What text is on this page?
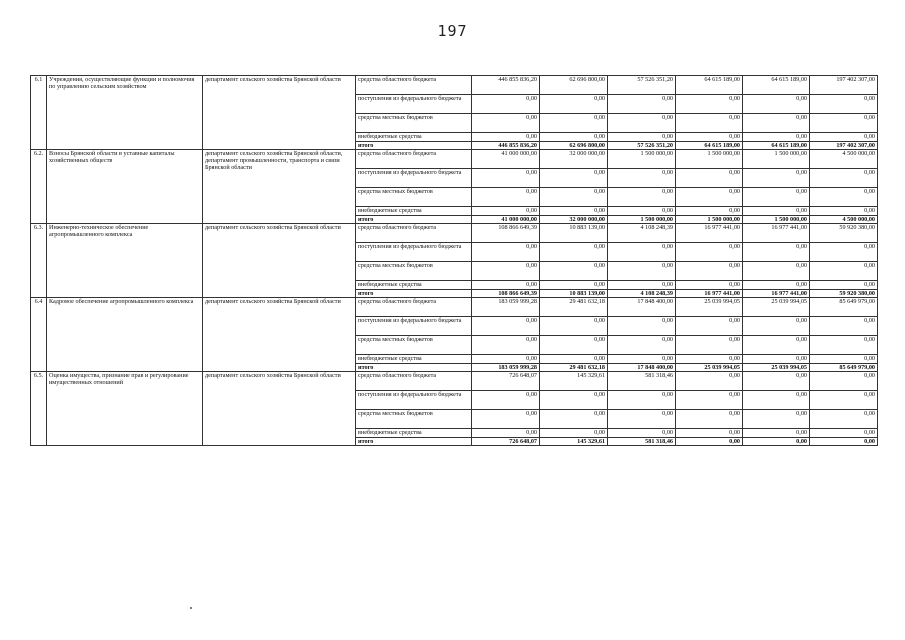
197
6.1	Учреждения, осуществляющие функции и полномочия по управлению сельским хозяйством	департамент сельского хозяйства Брянской области	средства областного бюджета	446 855 836,20	62 696 800,00	57 526 351,20	64 615 189,00	64 615 189,00	197 402 307,00
			поступления из федерального бюджета	0,00	0,00	0,00	0,00	0,00	0,00
			средства местных бюджетов	0,00	0,00	0,00	0,00	0,00	0,00
			внебюджетные средства	0,00	0,00	0,00	0,00	0,00	0,00
			итого	446 855 836,20	62 696 800,00	57 526 351,20	64 615 189,00	64 615 189,00	197 402 307,00
6.2.	Взносы Брянской области в уставные капиталы хозяйственных обществ	департамент сельского хозяйства Брянской области, департамент промышленности, транспорта и связи Брянской области	средства областного бюджета	41 000 000,00	32 000 000,00	1 500 000,00	1 500 000,00	1 500 000,00	4 500 000,00
			поступления из федерального бюджета	0,00	0,00	0,00	0,00	0,00	0,00
			средства местных бюджетов	0,00	0,00	0,00	0,00	0,00	0,00
			внебюджетные средства	0,00	0,00	0,00	0,00	0,00	0,00
			итого	41 000 000,00	32 000 000,00	1 500 000,00	1 500 000,00	1 500 000,00	4 500 000,00
6.3.	Инженерно-техническое обеспечение агропромышленного комплекса	департамент сельского хозяйства Брянской области	средства областного бюджета	108 866 649,39	10 883 139,00	4 108 248,39	16 977 441,00	16 977 441,00	59 920 380,00
			поступления из федерального бюджета	0,00	0,00	0,00	0,00	0,00	0,00
			средства местных бюджетов	0,00	0,00	0,00	0,00	0,00	0,00
			внебюджетные средства	0,00	0,00	0,00	0,00	0,00	0,00
			итого	108 866 649,39	10 883 139,00	4 108 248,39	16 977 441,00	16 977 441,00	59 920 380,00
6.4	Кадровое обеспечение агропромышленного комплекса	департамент сельского хозяйства Брянской области	средства областного бюджета	183 059 999,28	29 481 632,18	17 848 400,00	25 039 994,05	25 039 994,05	85 649 979,00
			поступления из федерального бюджета	0,00	0,00	0,00	0,00	0,00	0,00
			средства местных бюджетов	0,00	0,00	0,00	0,00	0,00	0,00
			внебюджетные средства	0,00	0,00	0,00	0,00	0,00	0,00
			итого	183 059 999,28	29 481 632,18	17 848 400,00	25 039 994,05	25 039 994,05	85 649 979,00
6.5.	Оценка имущества, признание прав и регулирование имущественных отношений	департамент сельского хозяйства Брянской области	средства областного бюджета	726 648,07	145 329,61	581 318,46	0,00	0,00	0,00
			поступления из федерального бюджета	0,00	0,00	0,00	0,00	0,00	0,00
			средства местных бюджетов	0,00	0,00	0,00	0,00	0,00	0,00
			внебюджетные средства	0,00	0,00	0,00	0,00	0,00	0,00
			итого	726 648,07	145 329,61	581 318,46	0,00	0,00	0,00
